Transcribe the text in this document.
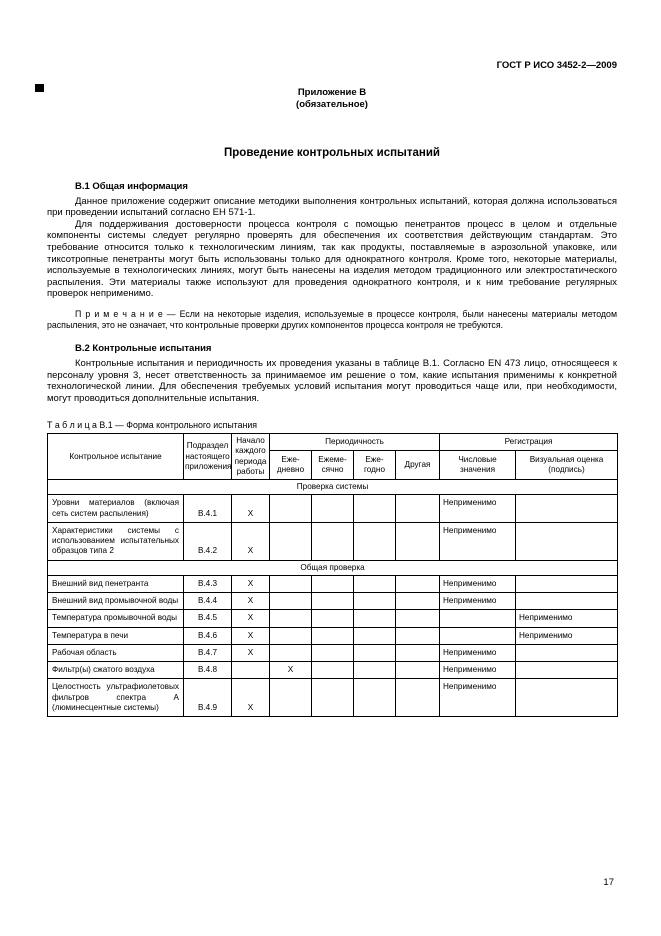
ГОСТ Р ИСО 3452-2—2009
Приложение В
(обязательное)
Проведение контрольных испытаний
В.1 Общая информация

Данное приложение содержит описание методики выполнения контрольных испытаний, которая должна использоваться при проведении испытаний согласно ЕН 571-1.

Для поддерживания достоверности процесса контроля с помощью пенетрантов процесс в целом и отдельные компоненты системы следует регулярно проверять для обеспечения их соответствия действующим стандартам. Это требование относится только к технологическим линиям, так как продукты, поставляемые в аэрозольной упаковке, или тиксотропные пенетранты могут быть использованы только для однократного контроля. Кроме того, некоторые материалы, используемые в технологических линиях, могут быть нанесены на изделия методом традиционного или электростатического распыления. Эти материалы также используют для проведения однократного контроля, и к ним требование регулярных проверок неприменимо.

П р и м е ч а н и е — Если на некоторые изделия, используемые в процессе контроля, были нанесены материалы методом распыления, это не означает, что контрольные проверки других компонентов процесса контроля не требуются.

В.2 Контрольные испытания

Контрольные испытания и периодичность их проведения указаны в таблице В.1. Согласно EN 473 лицо, относящееся к персоналу уровня 3, несет ответственность за принимаемое им решение о том, какие испытания применимы к конкретной технологической линии. Для обеспечения требуемых условий испытания могут проводиться чаще или, при необходимости, могут проводиться дополнительные испытания.

Т а б л и ц а В.1 — Форма контрольного испытания
Контрольное испытание	Подраздел настоящего приложения	Начало каждого периода работы	Периодичность				Регистрация	
			Еже-дневно	Ежеме-сячно	Еже-годно	Другая	Числовые значения	Визуальная оценка (подпись)
Проверка системы								
Уровни материалов (включая сеть систем распыления)	В.4.1	X					Неприменимо	
Характеристики системы с использованием испытательных образцов типа 2	В.4.2	X					Неприменимо	
Общая проверка								
Внешний вид пенетранта	В.4.3	X					Неприменимо	
Внешний вид промывочной воды	В.4.4	X					Неприменимо	
Температура промывочной воды	В.4.5	X						Неприменимо
Температура в печи	В.4.6	X						Неприменимо
Рабочая область	В.4.7	X					Неприменимо	
Фильтр(ы) сжатого воздуха	В.4.8		X				Неприменимо	
Целостность ультрафиолетовых фильтров спектра А (люминесцентные системы)	В.4.9	X					Неприменимо	
17
